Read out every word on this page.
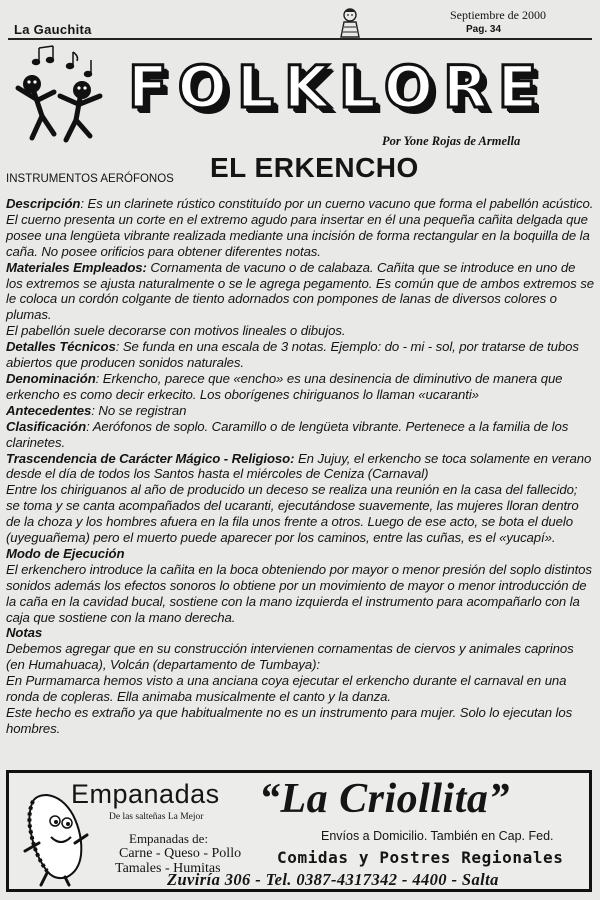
La Gauchita
Septiembre de 2000
Pag. 34
FOLKLORE
Por Yone Rojas de Armella
INSTRUMENTOS AERÓFONOS EL ERKENCHO

Descripción: Es un clarinete rústico constituído por un cuerno vacuno que forma el pabellón acústico. El cuerno presenta un corte en el extremo agudo para insertar en él una pequeña cañita delgada que posee una lengüeta vibrante realizada mediante una incisión de forma rectangular en la boquilla de la caña. No posee orificios para obtener diferentes notas.

Materiales Empleados: Cornamenta de vacuno o de calabaza. Cañita que se introduce en uno de los extremos se ajusta naturalmente o se le agrega pegamento. Es común que de ambos extremos se le coloca un cordón colgante de tiento adornados con pompones de lanas de diversos colores o plumas.

El pabellón suele decorarse con motivos lineales o dibujos.

Detalles Técnicos: Se funda en una escala de 3 notas. Ejemplo: do - mi - sol, por tratarse de tubos abiertos que producen sonidos naturales.

Denominación: Erkencho, parece que «encho» es una desinencia de diminutivo de manera que erkencho es como decir erkecito. Los oborígenes chiriguanos lo llaman «ucaranti»

Antecedentes: No se registran

Clasificación: Aerófonos de soplo. Caramillo o de lengüeta vibrante. Pertenece a la familia de los clarinetes.

Trascendencia de Carácter Mágico - Religioso: En Jujuy, el erkencho se toca solamente en verano desde el día de todos los Santos hasta el miércoles de Ceniza (Carnaval)

Entre los chiriguanos al año de producido un deceso se realiza una reunión en la casa del fallecido; se toma y se canta acompañados del ucaranti, ejecutándose suavemente, las mujeres lloran dentro de la choza y los hombres afuera en la fila unos frente a otros. Luego de ese acto, se bota el duelo (uyeguañema) pero el muerto puede aparecer por los caminos, entre las cuñas, es el «yucapí».

Modo de Ejecución

El erkenchero introduce la cañita en la boca obteniendo por mayor o menor presión del soplo distintos sonidos además los efectos sonoros lo obtiene por un movimiento de mayor o menor introducción de la caña en la cavidad bucal, sostiene con la mano izquierda el instrumento para acompañarlo con la caja que sostiene con la mano derecha.

Notas

Debemos agregar que en su construcción intervienen cornamentas de ciervos y animales caprinos (en Humahuaca), Volcán (departamento de Tumbaya):

En Purmamarca hemos visto a una anciana coya ejecutar el erkencho durante el carnaval en una ronda de copleras. Ella animaba musicalmente el canto y la danza.

Este hecho es extraño ya que habitualmente no es un instrumento para mujer. Solo lo ejecutan los hombres.

Empanadas
De las salteñas La Mejor “La Criollita”
Empanadas de:
Carne - Queso - Pollo
Tamales - Humitas
Envíos a Domicilio. También en Cap. Fed.
Comidas y Postres Regionales
Zuviría 306 - Tel. 0387-4317342 - 4400 - Salta
